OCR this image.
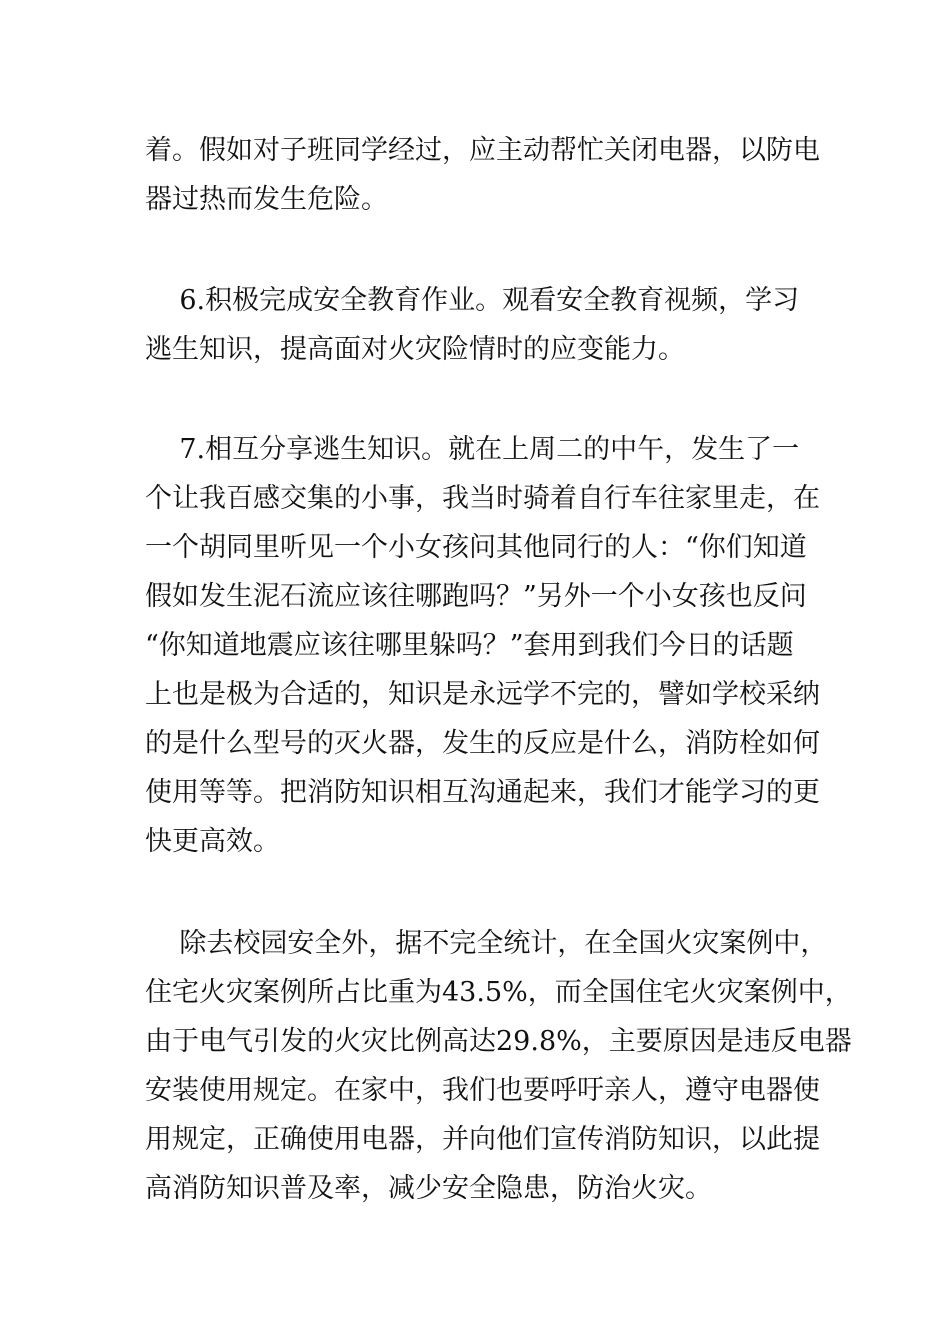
着。假如对子班同学经过，应主动帮忙关闭电器，以防电
器过热而发生危险。
6.积极完成安全教育作业。观看安全教育视频，学习
逃生知识，提高面对火灾险情时的应变能力。
7.相互分享逃生知识。就在上周二的中午，发生了一
个让我百感交集的小事，我当时骑着自行车往家里走，在
一个胡同里听见一个小女孩问其他同行的人：“你们知道
假如发生泥石流应该往哪跑吗？”另外一个小女孩也反问
“你知道地震应该往哪里躲吗？”套用到我们今日的话题
上也是极为合适的，知识是永远学不完的，譬如学校采纳
的是什么型号的灭火器，发生的反应是什么，消防栓如何
使用等等。把消防知识相互沟通起来，我们才能学习的更
快更高效。
除去校园安全外，据不完全统计，在全国火灾案例中，
住宅火灾案例所占比重为43.5%，而全国住宅火灾案例中，
由于电气引发的火灾比例高达29.8%，主要原因是违反电器
安装使用规定。在家中，我们也要呼吁亲人，遵守电器使
用规定，正确使用电器，并向他们宣传消防知识，以此提
高消防知识普及率，减少安全隐患，防治火灾。
